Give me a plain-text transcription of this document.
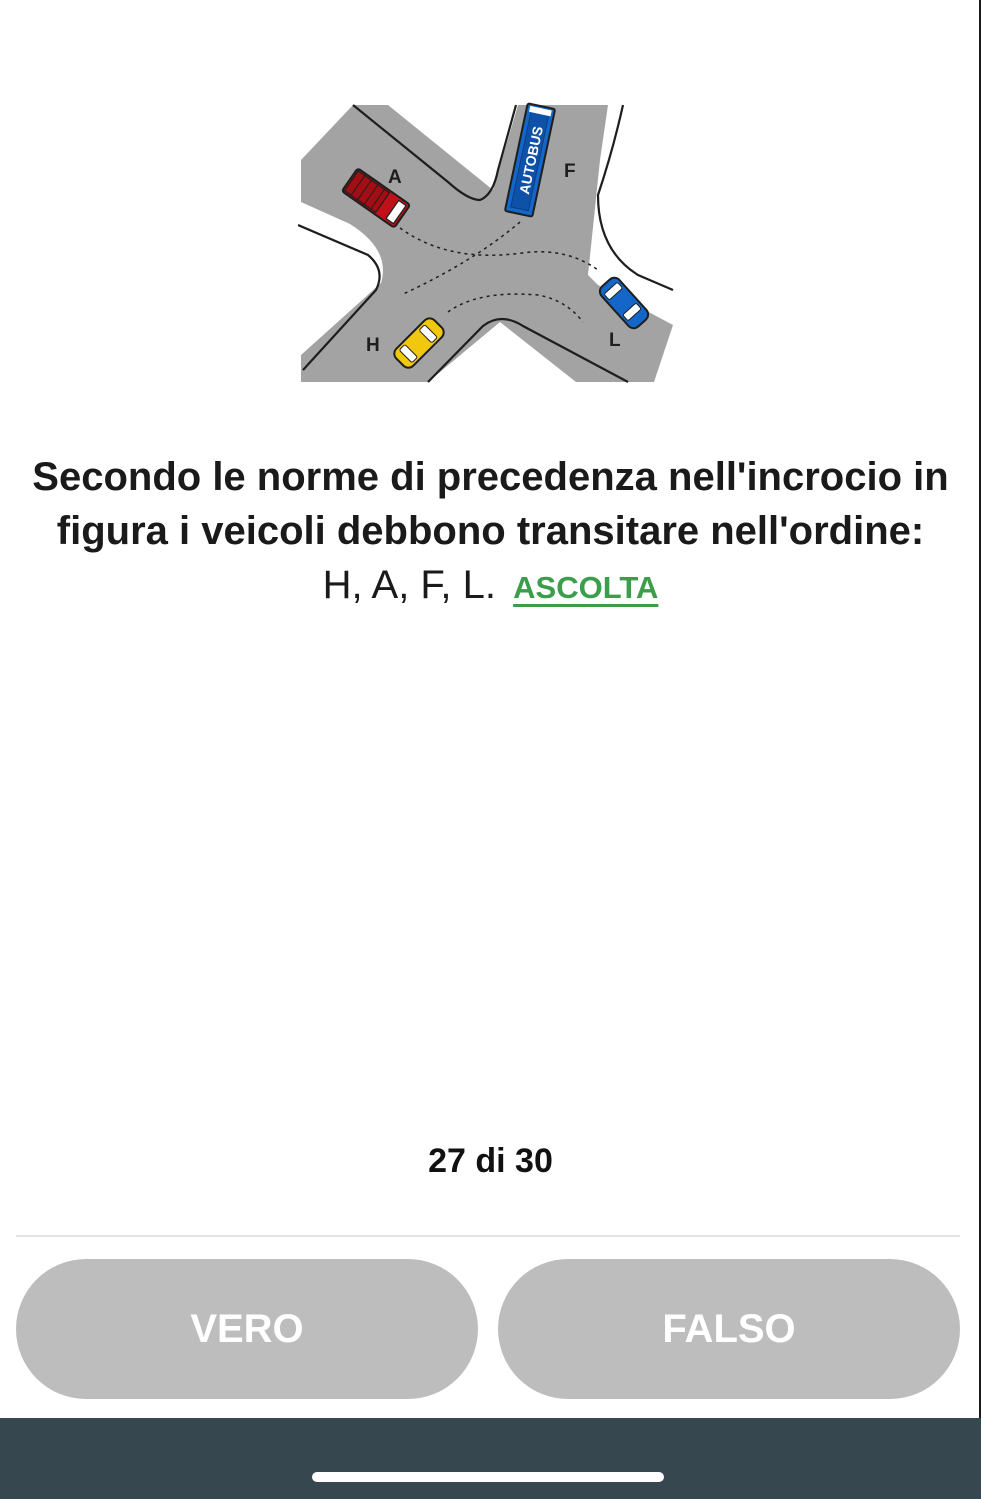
AUTOBUS
A	F
H	L
Secondo le norme di precedenza nell'incrocio in figura i veicoli debbono transitare nell'ordine:
H, A, F, L. ASCOLTA
27 di 30
VERO	FALSO
